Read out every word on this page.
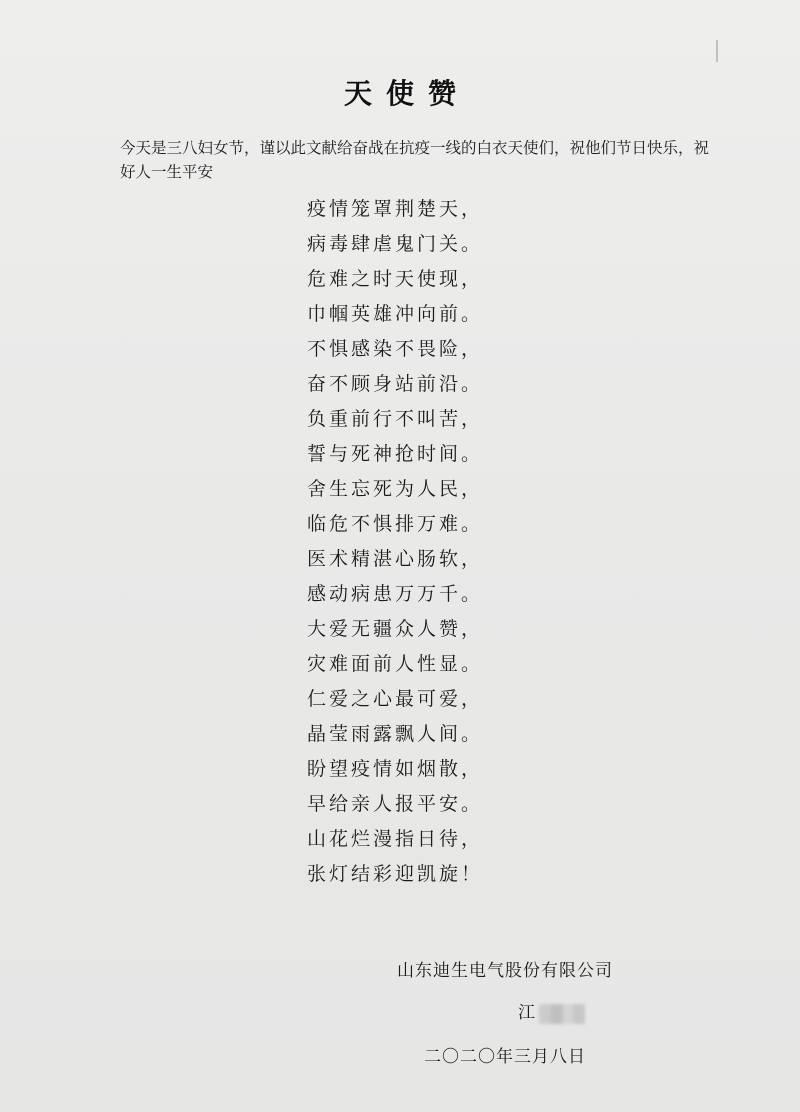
天使赞

今天是三八妇女节，谨以此文献给奋战在抗疫一线的白衣天使们，祝他们节日快乐，祝好人一生平安

疫情笼罩荆楚天，
病毒肆虐鬼门关。
危难之时天使现，
巾帼英雄冲向前。
不惧感染不畏险，
奋不顾身站前沿。
负重前行不叫苦，
誓与死神抢时间。
舍生忘死为人民，
临危不惧排万难。
医术精湛心肠软，
感动病患万万千。
大爱无疆众人赞，
灾难面前人性显。
仁爱之心最可爱，
晶莹雨露飘人间。
盼望疫情如烟散，
早给亲人报平安。
山花烂漫指日待，
张灯结彩迎凯旋！
山东迪生电气股份有限公司
江
二〇二〇年三月八日
